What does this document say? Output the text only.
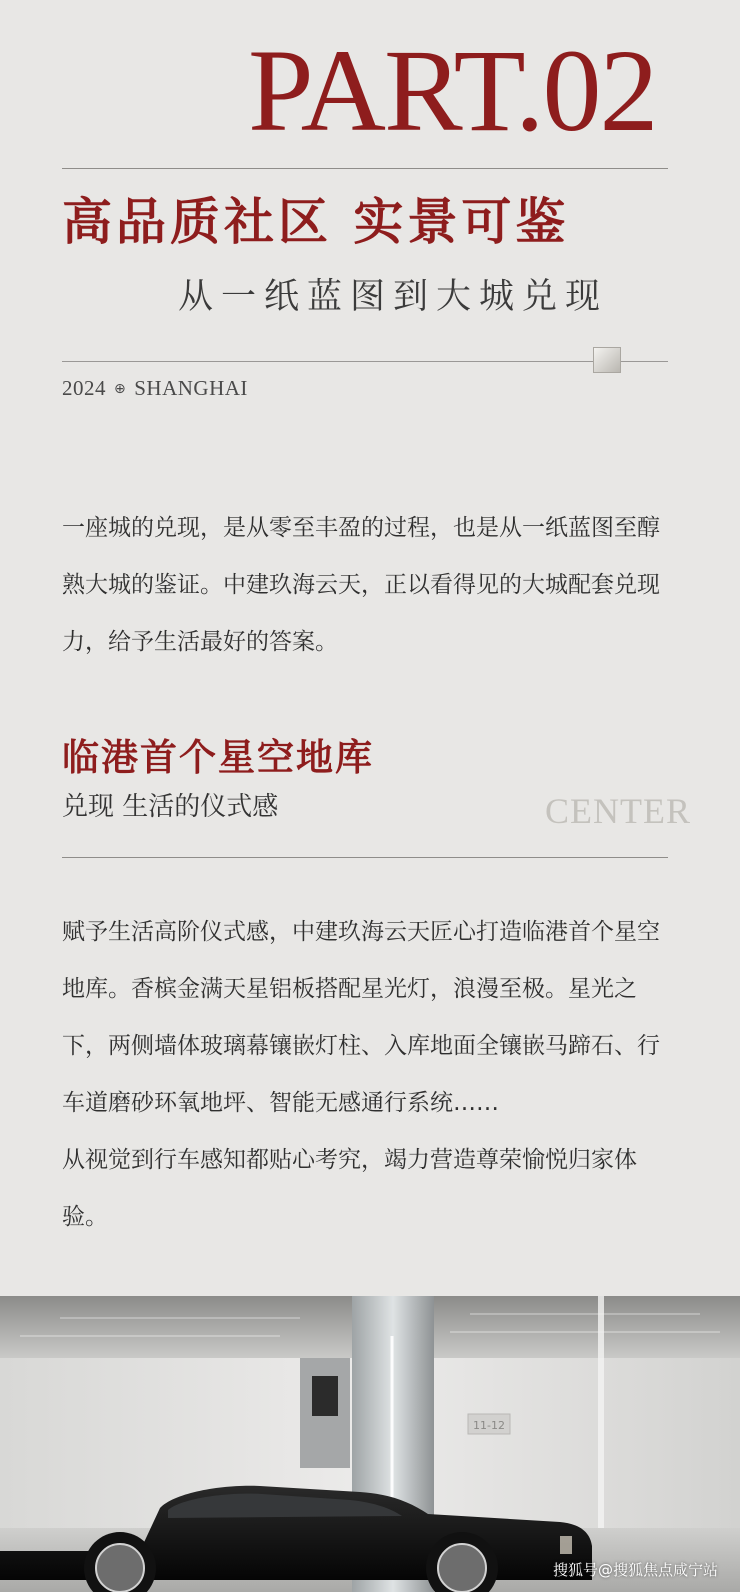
PART.02
高品质社区 实景可鉴
从一纸蓝图到大城兑现
2024 ⊕ SHANGHAI

一座城的兑现，是从零至丰盈的过程，也是从一纸蓝图至醇熟大城的鉴证。中建玖海云天，正以看得见的大城配套兑现力，给予生活最好的答案。

临港首个星空地库
兑现 生活的仪式感	CENTER

赋予生活高阶仪式感，中建玖海云天匠心打造临港首个星空地库。香槟金满天星铝板搭配星光灯，浪漫至极。星光之下，两侧墙体玻璃幕镶嵌灯柱、入库地面全镶嵌马蹄石、行车道磨砂环氧地坪、智能无感通行系统……

从视觉到行车感知都贴心考究，竭力营造尊荣愉悦归家体验。

11-12
搜狐号@搜狐焦点咸宁站
